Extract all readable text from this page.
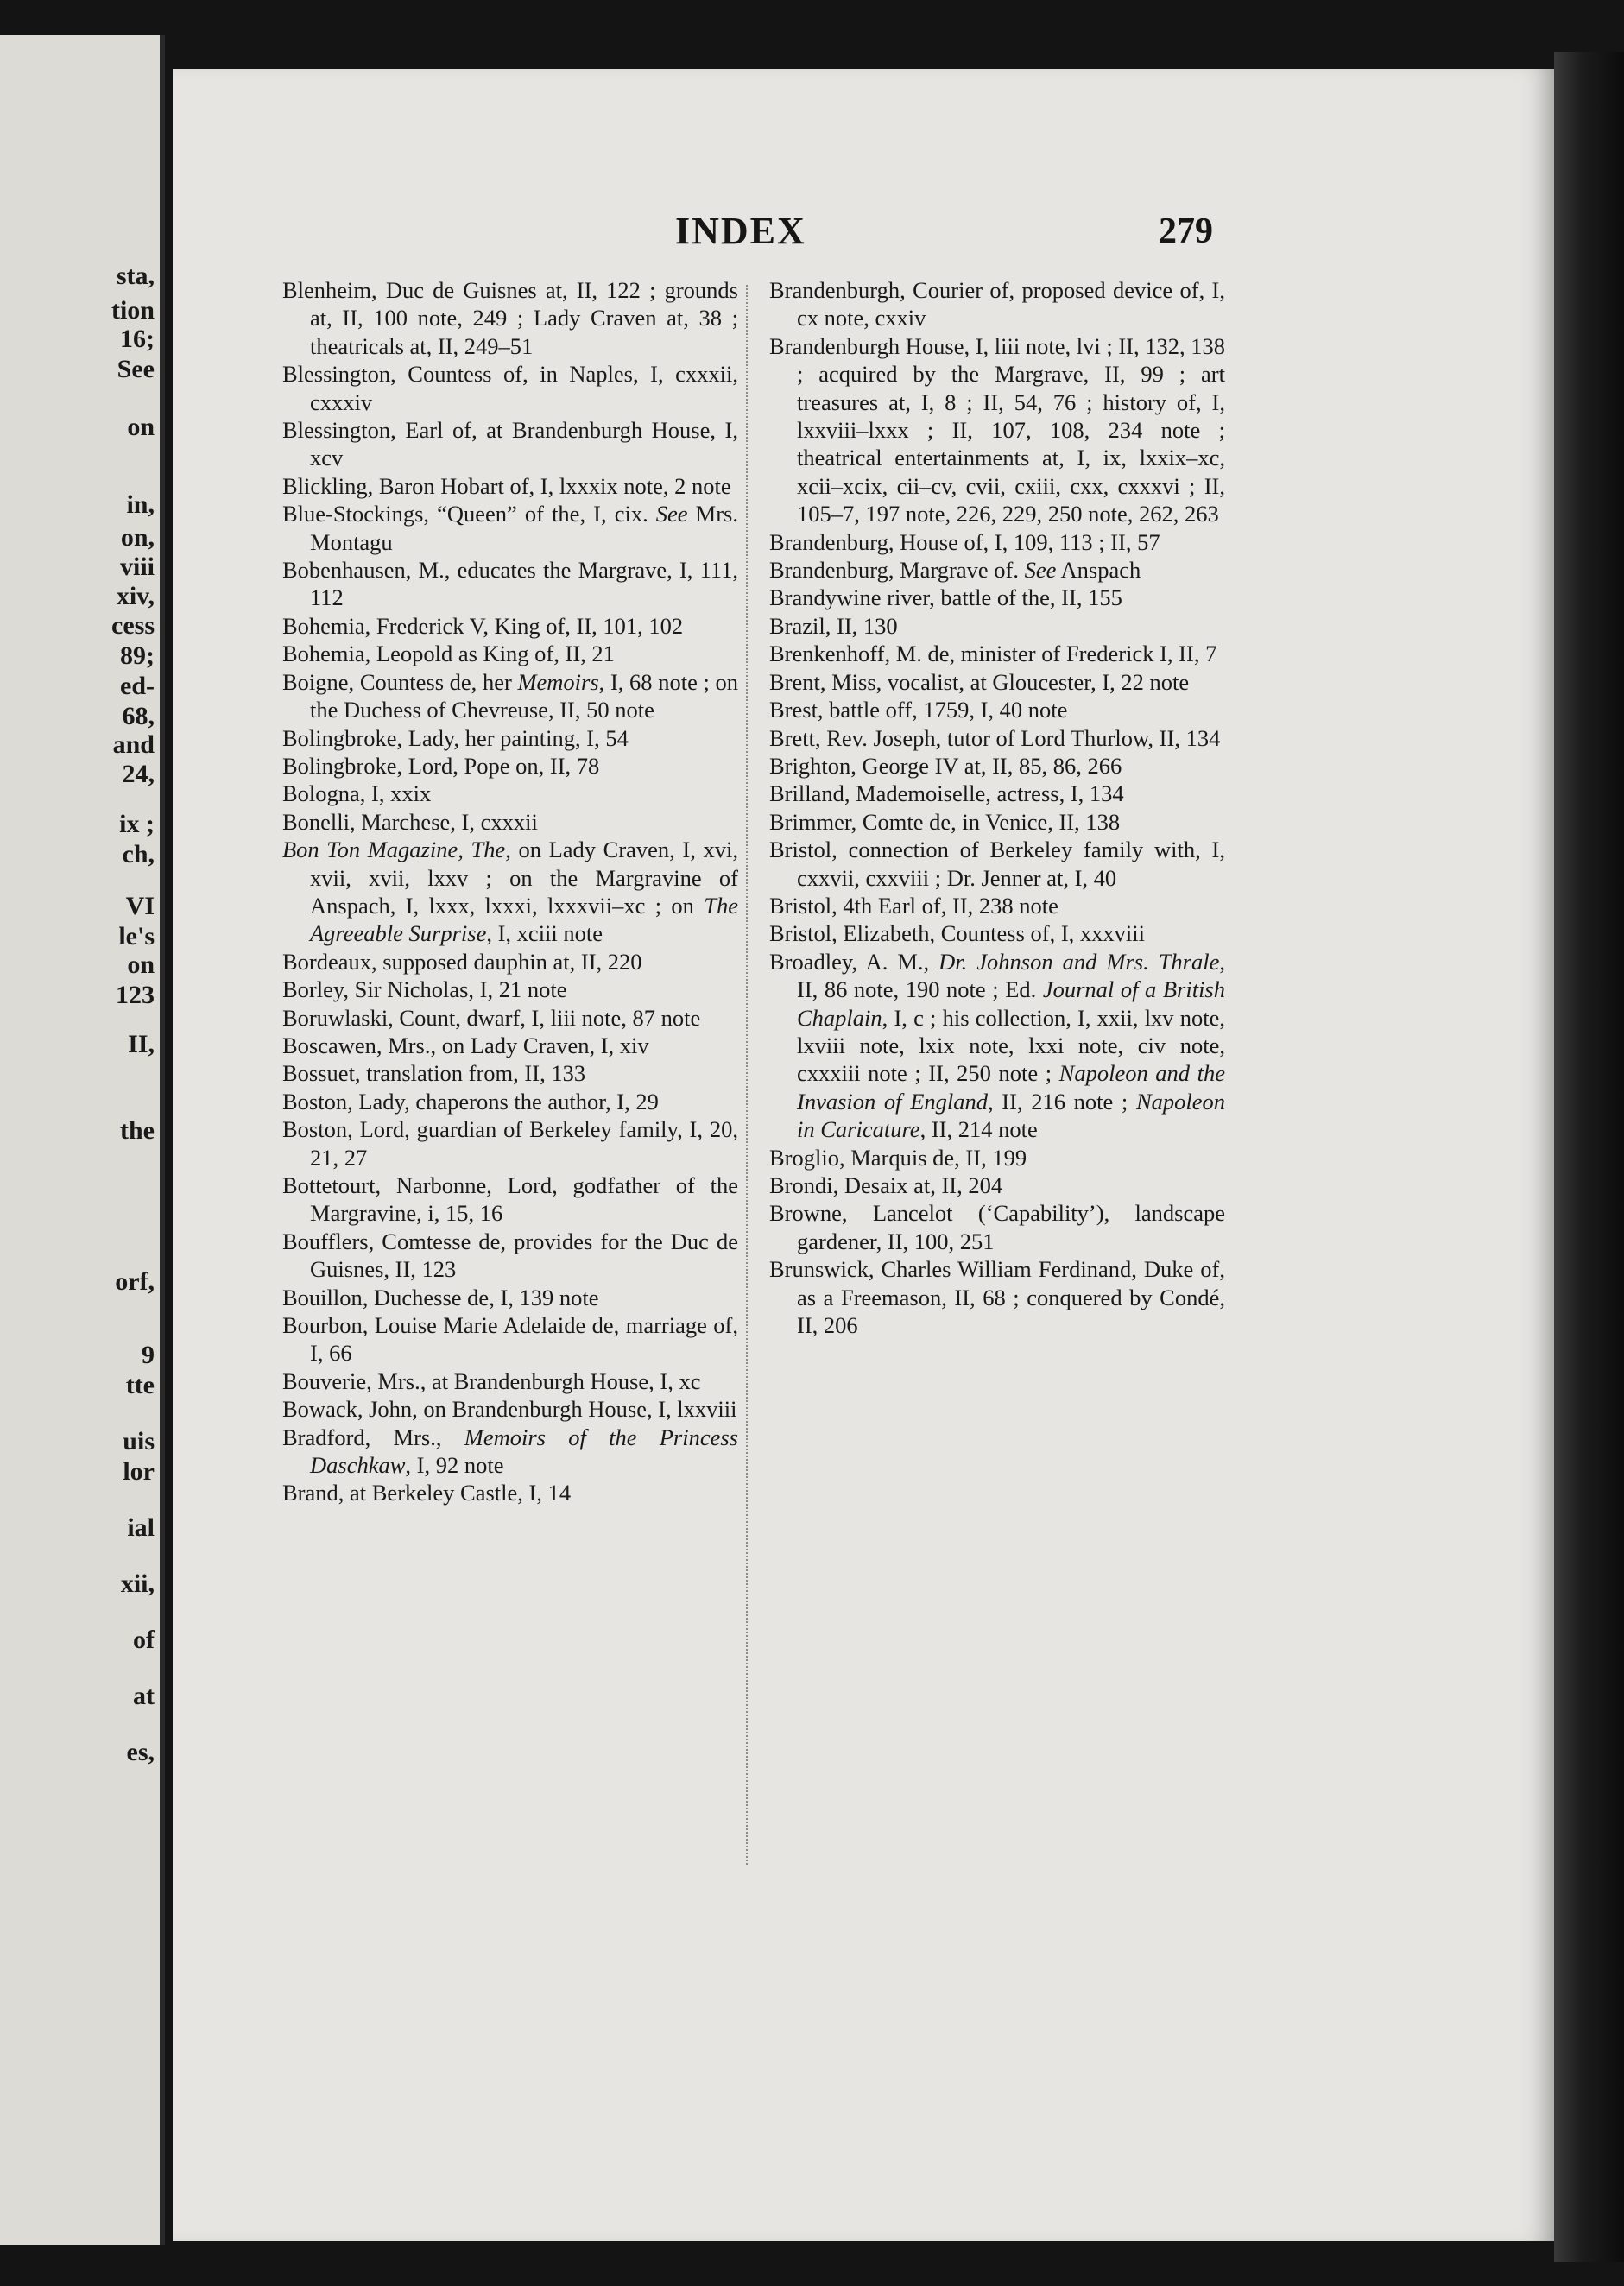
sta,
tion
16;
See
on
in,
on,
viii
xiv,
cess
89;
ed-
68,
and
24,
ix ;
ch,
VI
le's
on
123
II,
the
orf,
9
tte
uis
lor
ial
xii,
of
at
es,
INDEX	279

Blenheim, Duc de Guisnes at, II, 122 ; grounds at, II, 100 note, 249 ; Lady Craven at, 38 ; theatricals at, II, 249–51

Blessington, Countess of, in Naples, I, cxxxii, cxxxiv

Blessington, Earl of, at Brandenburgh House, I, xcv

Blickling, Baron Hobart of, I, lxxxix note, 2 note

Blue-Stockings, “Queen” of the, I, cix. See Mrs. Montagu

Bobenhausen, M., educates the Margrave, I, 111, 112

Bohemia, Frederick V, King of, II, 101, 102

Bohemia, Leopold as King of, II, 21

Boigne, Countess de, her Memoirs, I, 68 note ; on the Duchess of Chevreuse, II, 50 note

Bolingbroke, Lady, her painting, I, 54

Bolingbroke, Lord, Pope on, II, 78

Bologna, I, xxix

Bonelli, Marchese, I, cxxxii

Bon Ton Magazine, The, on Lady Craven, I, xvi, xvii, xvii, lxxv ; on the Margravine of Anspach, I, lxxx, lxxxi, lxxxvii–xc ; on The Agreeable Surprise, I, xciii note

Bordeaux, supposed dauphin at, II, 220

Borley, Sir Nicholas, I, 21 note

Boruwlaski, Count, dwarf, I, liii note, 87 note

Boscawen, Mrs., on Lady Craven, I, xiv

Bossuet, translation from, II, 133

Boston, Lady, chaperons the author, I, 29

Boston, Lord, guardian of Berkeley family, I, 20, 21, 27

Bottetourt, Narbonne, Lord, godfather of the Margravine, i, 15, 16

Boufflers, Comtesse de, provides for the Duc de Guisnes, II, 123

Bouillon, Duchesse de, I, 139 note

Bourbon, Louise Marie Adelaide de, marriage of, I, 66

Bouverie, Mrs., at Brandenburgh House, I, xc

Bowack, John, on Brandenburgh House, I, lxxviii

Bradford, Mrs., Memoirs of the Princess Daschkaw, I, 92 note

Brand, at Berkeley Castle, I, 14

Brandenburgh, Courier of, proposed device of, I, cx note, cxxiv

Brandenburgh House, I, liii note, lvi ; II, 132, 138 ; acquired by the Margrave, II, 99 ; art treasures at, I, 8 ; II, 54, 76 ; history of, I, lxxviii–lxxx ; II, 107, 108, 234 note ; theatrical entertainments at, I, ix, lxxix–xc, xcii–xcix, cii–cv, cvii, cxiii, cxx, cxxxvi ; II, 105–7, 197 note, 226, 229, 250 note, 262, 263

Brandenburg, House of, I, 109, 113 ; II, 57

Brandenburg, Margrave of. See Anspach

Brandywine river, battle of the, II, 155

Brazil, II, 130

Brenkenhoff, M. de, minister of Frederick I, II, 7

Brent, Miss, vocalist, at Gloucester, I, 22 note

Brest, battle off, 1759, I, 40 note

Brett, Rev. Joseph, tutor of Lord Thurlow, II, 134

Brighton, George IV at, II, 85, 86, 266

Brilland, Mademoiselle, actress, I, 134

Brimmer, Comte de, in Venice, II, 138

Bristol, connection of Berkeley family with, I, cxxvii, cxxviii ; Dr. Jenner at, I, 40

Bristol, 4th Earl of, II, 238 note

Bristol, Elizabeth, Countess of, I, xxxviii

Broadley, A. M., Dr. Johnson and Mrs. Thrale, II, 86 note, 190 note ; Ed. Journal of a British Chaplain, I, c ; his collection, I, xxii, lxv note, lxviii note, lxix note, lxxi note, civ note, cxxxiii note ; II, 250 note ; Napoleon and the Invasion of England, II, 216 note ; Napoleon in Caricature, II, 214 note

Broglio, Marquis de, II, 199

Brondi, Desaix at, II, 204

Browne, Lancelot (‘Capability’), landscape gardener, II, 100, 251

Brunswick, Charles William Ferdinand, Duke of, as a Freemason, II, 68 ; conquered by Condé, II, 206
